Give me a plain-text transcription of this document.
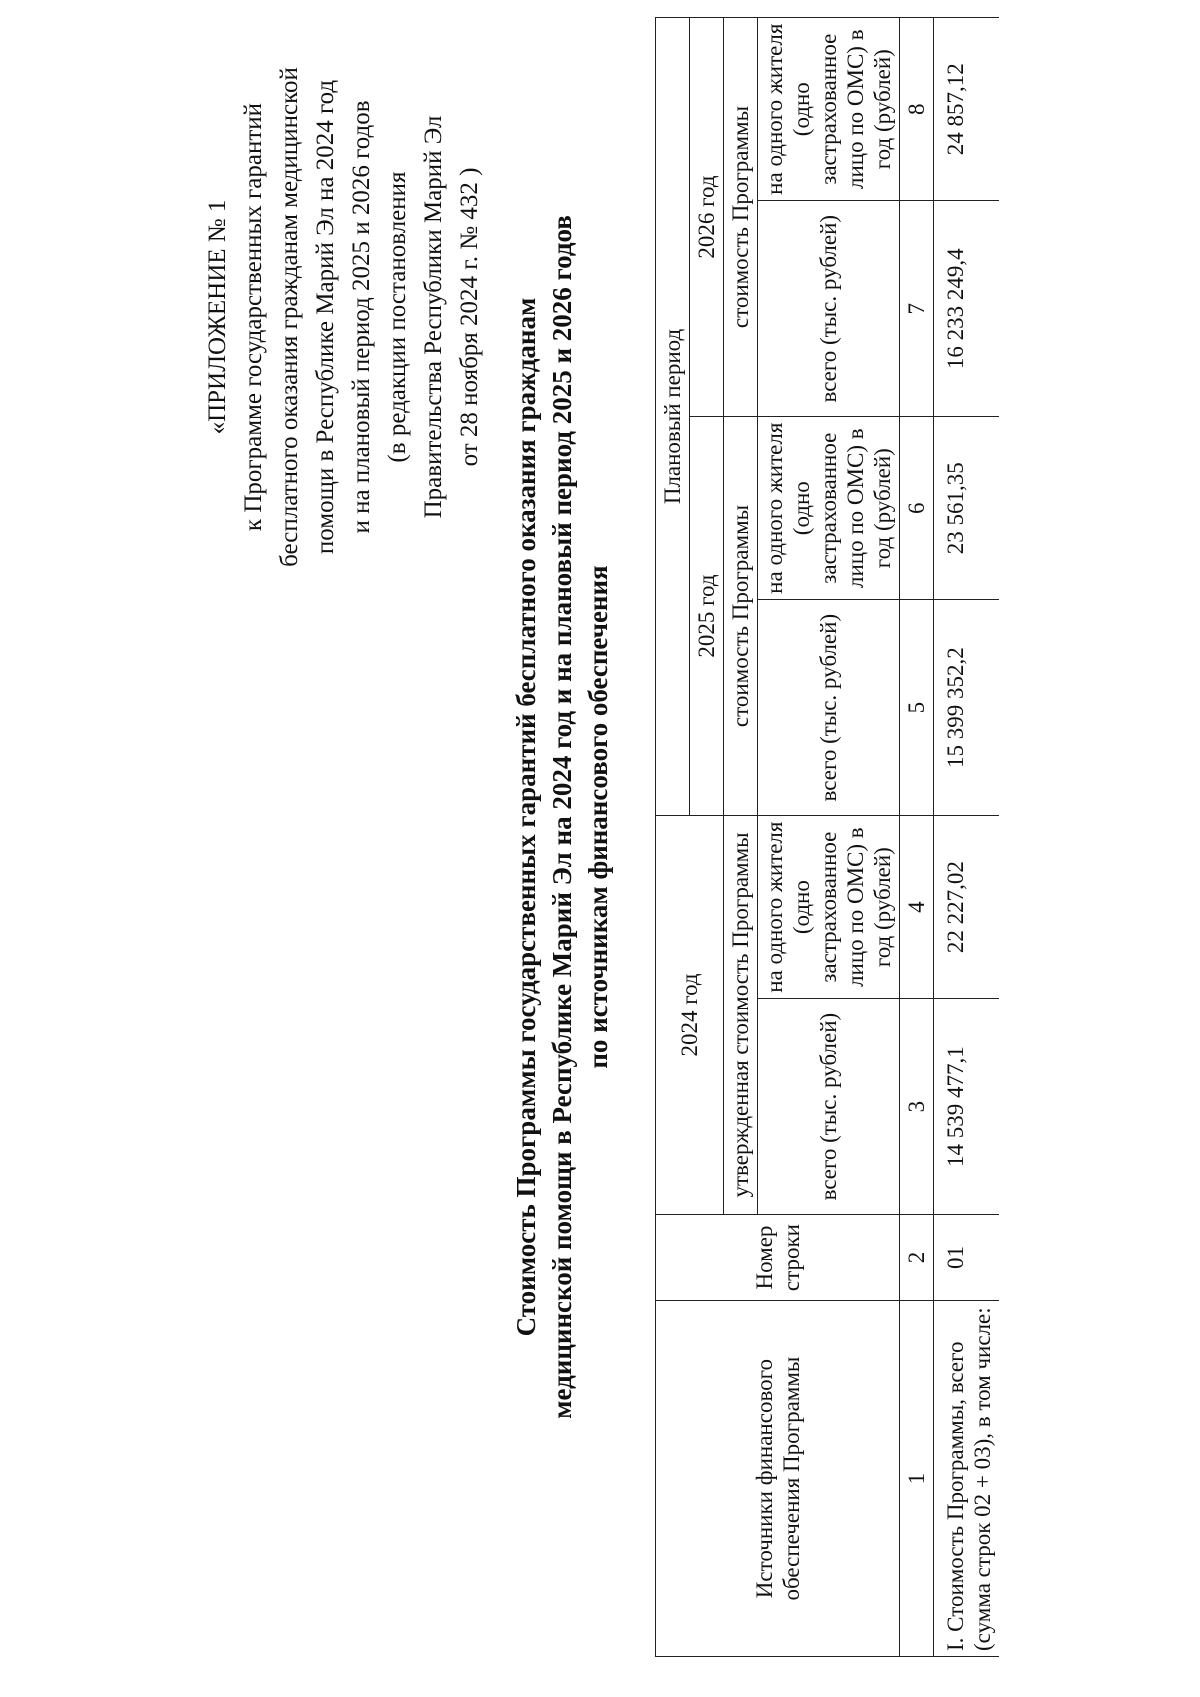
«ПРИЛОЖЕНИЕ № 1 к Программе государственных гарантий бесплатного оказания гражданам медицинской помощи в Республике Марий Эл на 2024 год и на плановый период 2025 и 2026 годов (в редакции постановления Правительства Республики Марий Эл от 28 ноября 2024 г. № 432 ) Стоимость Программы государственных гарантий бесплатного оказания гражданам медицинской помощи в Республике Марий Эл на 2024 год и на плановый период 2025 и 2026 годов по источникам финансового обеспечения
Источники финансового обеспечения Программы	Номер строки	2024 год		Плановый период			
				2025 год		2026 год	
		утвержденная стоимость Программы		стоимость Программы		стоимость Программы	
		всего (тыс. рублей)	на одного жителя (одно застрахованное лицо по ОМС) в год (рублей)	всего (тыс. рублей)	на одного жителя (одно застрахованное лицо по ОМС) в год (рублей)	всего (тыс. рублей)	на одного жителя (одно застрахованное лицо по ОМС) в год (рублей)
1	2	3	4	5	6	7	8
I. Стоимость Программы, всего (сумма строк 02 + 03), в том числе:	01	14 539 477,1	22 227,02	15 399 352,2	23 561,35	16 233 249,4	24 857,12
